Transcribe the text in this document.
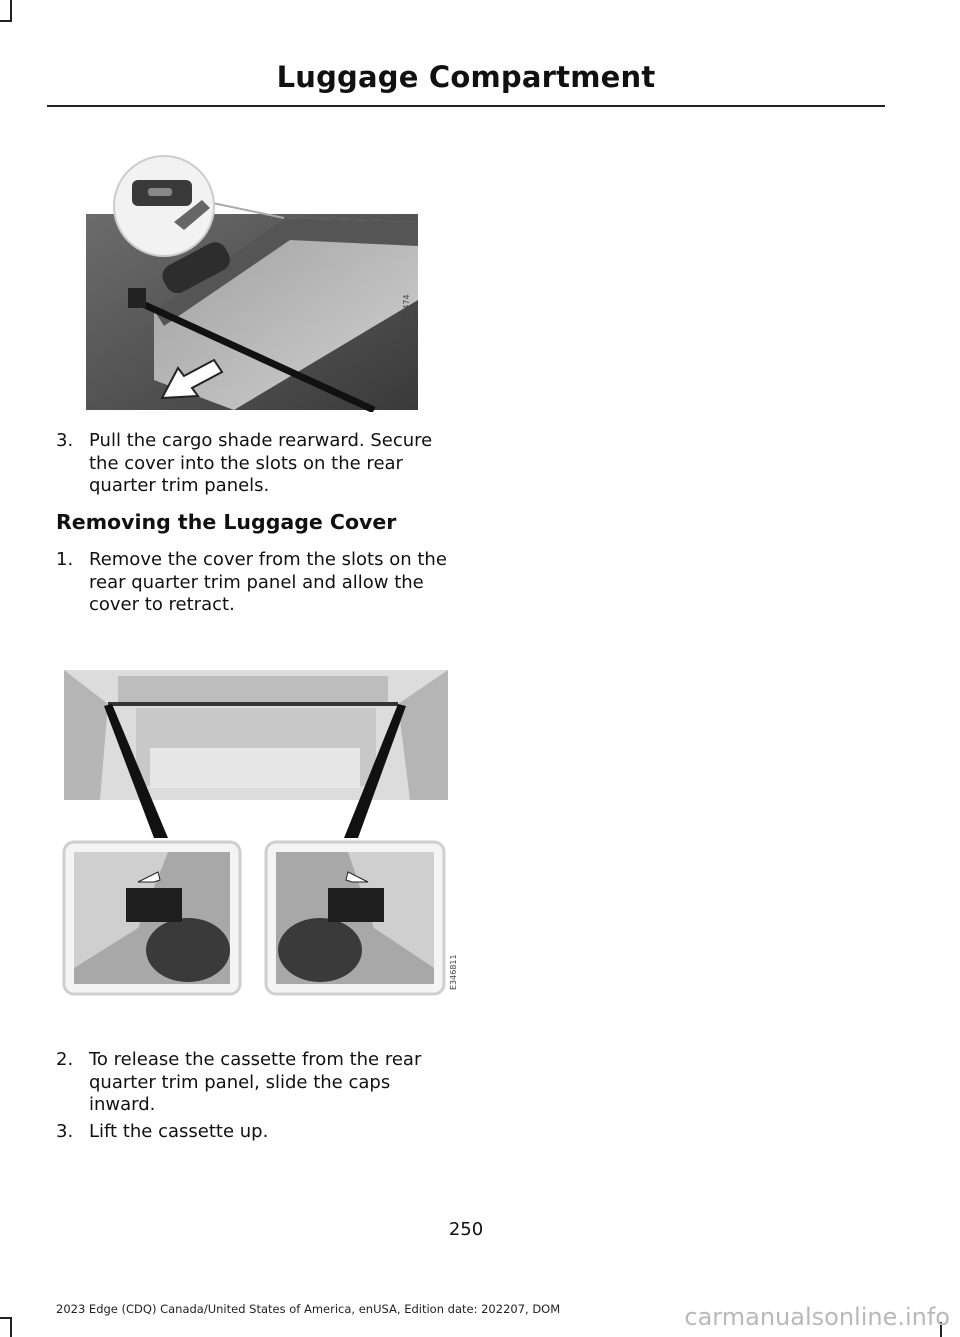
Luggage Compartment
E369474
3. Pull the cargo shade rearward. Secure the cover into the slots on the rear quarter trim panels.
Removing the Luggage Cover
1. Remove the cover from the slots on the rear quarter trim panel and allow the cover to retract.
E346811
2. To release the cassette from the rear quarter trim panel, slide the caps inward.
3. Lift the cassette up.
250
2023 Edge (CDQ) Canada/United States of America, enUSA, Edition date: 202207, DOM	carmanualsonline.info
